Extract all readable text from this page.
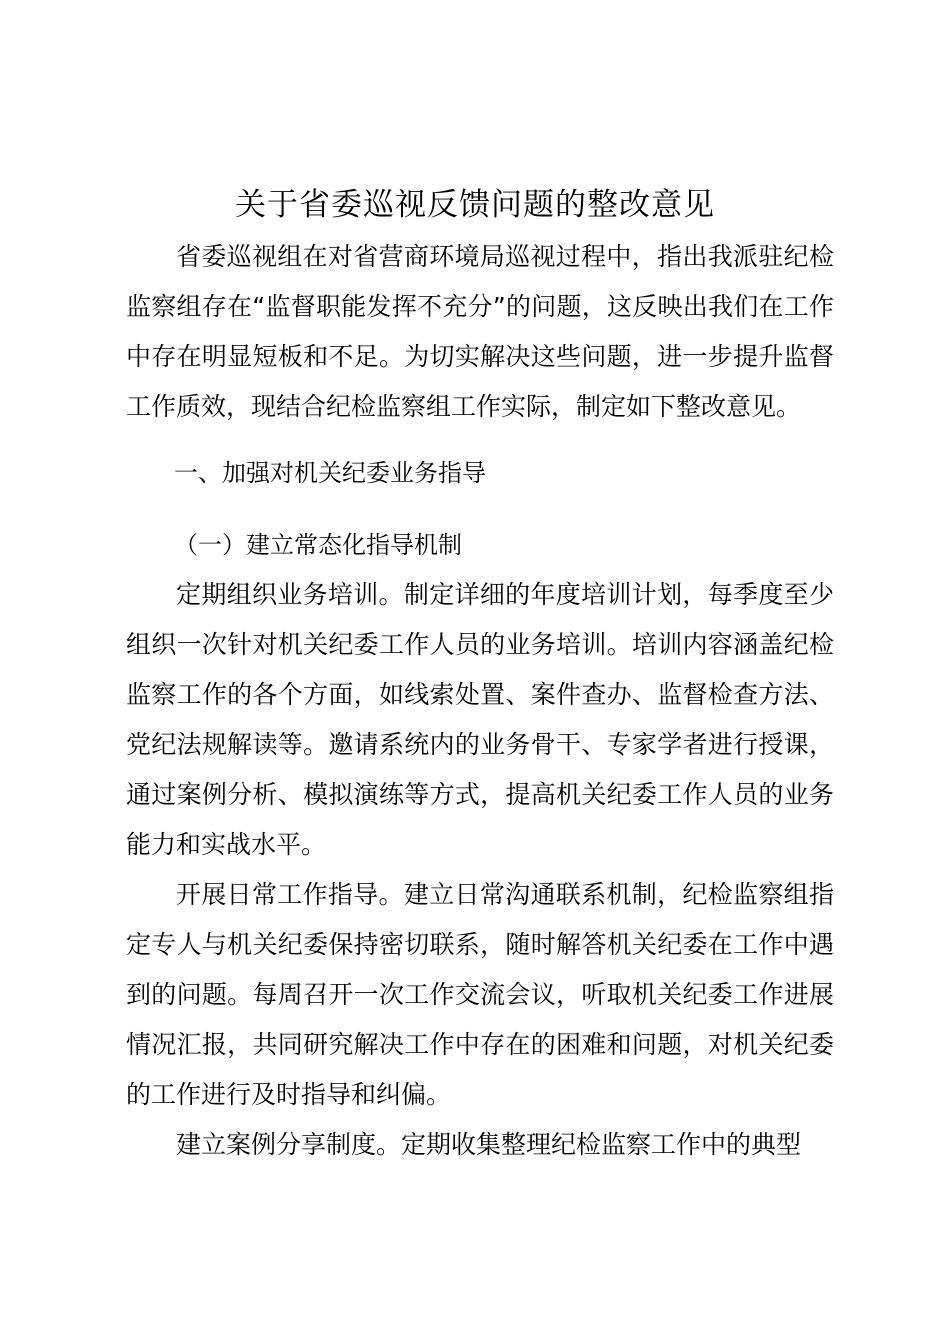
关于省委巡视反馈问题的整改意见

省委巡视组在对省营商环境局巡视过程中，指出我派驻纪检监察组存在“监督职能发挥不充分”的问题，这反映出我们在工作中存在明显短板和不足。为切实解决这些问题，进一步提升监督工作质效，现结合纪检监察组工作实际，制定如下整改意见。

一、加强对机关纪委业务指导

（一）建立常态化指导机制

定期组织业务培训。制定详细的年度培训计划，每季度至少组织一次针对机关纪委工作人员的业务培训。培训内容涵盖纪检监察工作的各个方面，如线索处置、案件查办、监督检查方法、党纪法规解读等。邀请系统内的业务骨干、专家学者进行授课，通过案例分析、模拟演练等方式，提高机关纪委工作人员的业务能力和实战水平。

开展日常工作指导。建立日常沟通联系机制，纪检监察组指定专人与机关纪委保持密切联系，随时解答机关纪委在工作中遇到的问题。每周召开一次工作交流会议，听取机关纪委工作进展情况汇报，共同研究解决工作中存在的困难和问题，对机关纪委的工作进行及时指导和纠偏。

建立案例分享制度。定期收集整理纪检监察工作中的典型
